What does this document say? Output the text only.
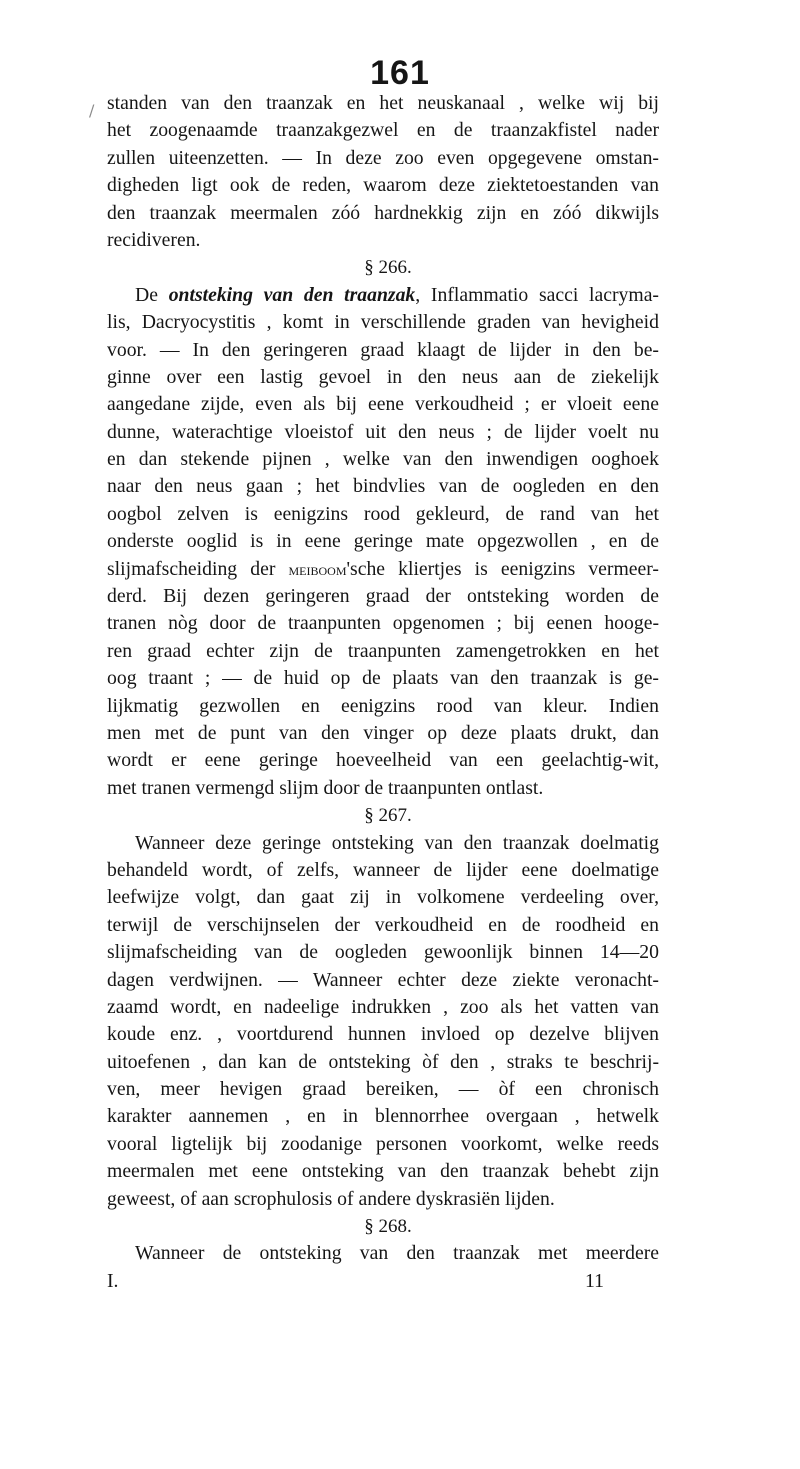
161
/ standen van den traanzak en het neuskanaal , welke wij bij
het zoogenaamde traanzakgezwel en de traanzakfistel nader
zullen uiteenzetten. — In deze zoo even opgegevene omstan-
digheden ligt ook de reden, waarom deze ziektetoestanden van
den traanzak meermalen zóó hardnekkig zijn en zóó dikwijls
recidiveren.
§ 266.
De ontsteking van den traanzak, Inflammatio sacci lacryma-
lis, Dacryocystitis , komt in verschillende graden van hevigheid
voor. — In den geringeren graad klaagt de lijder in den be-
ginne over een lastig gevoel in den neus aan de ziekelijk
aangedane zijde, even als bij eene verkoudheid ; er vloeit eene
dunne, waterachtige vloeistof uit den neus ; de lijder voelt nu
en dan stekende pijnen , welke van den inwendigen ooghoek
naar den neus gaan ; het bindvlies van de oogleden en den
oogbol zelven is eenigzins rood gekleurd, de rand van het
onderste ooglid is in eene geringe mate opgezwollen , en de
slijmafscheiding der meiboom'sche kliertjes is eenigzins vermeer-
derd. Bij dezen geringeren graad der ontsteking worden de
tranen nòg door de traanpunten opgenomen ; bij eenen hooge-
ren graad echter zijn de traanpunten zamengetrokken en het
oog traant ; — de huid op de plaats van den traanzak is ge-
lijkmatig gezwollen en eenigzins rood van kleur. Indien
men met de punt van den vinger op deze plaats drukt, dan
wordt er eene geringe hoeveelheid van een geelachtig-wit,
met tranen vermengd slijm door de traanpunten ontlast.
§ 267.
Wanneer deze geringe ontsteking van den traanzak doelmatig
behandeld wordt, of zelfs, wanneer de lijder eene doelmatige
leefwijze volgt, dan gaat zij in volkomene verdeeling over,
terwijl de verschijnselen der verkoudheid en de roodheid en
slijmafscheiding van de oogleden gewoonlijk binnen 14—20
dagen verdwijnen. — Wanneer echter deze ziekte veronacht-
zaamd wordt, en nadeelige indrukken , zoo als het vatten van
koude enz. , voortdurend hunnen invloed op dezelve blijven
uitoefenen , dan kan de ontsteking òf den , straks te beschrij-
ven, meer hevigen graad bereiken, — òf een chronisch
karakter aannemen , en in blennorrhee overgaan , hetwelk
vooral ligtelijk bij zoodanige personen voorkomt, welke reeds
meermalen met eene ontsteking van den traanzak behebt zijn
geweest, of aan scrophulosis of andere dyskrasiën lijden.
§ 268.
Wanneer de ontsteking van den traanzak met meerdere
I.	11
